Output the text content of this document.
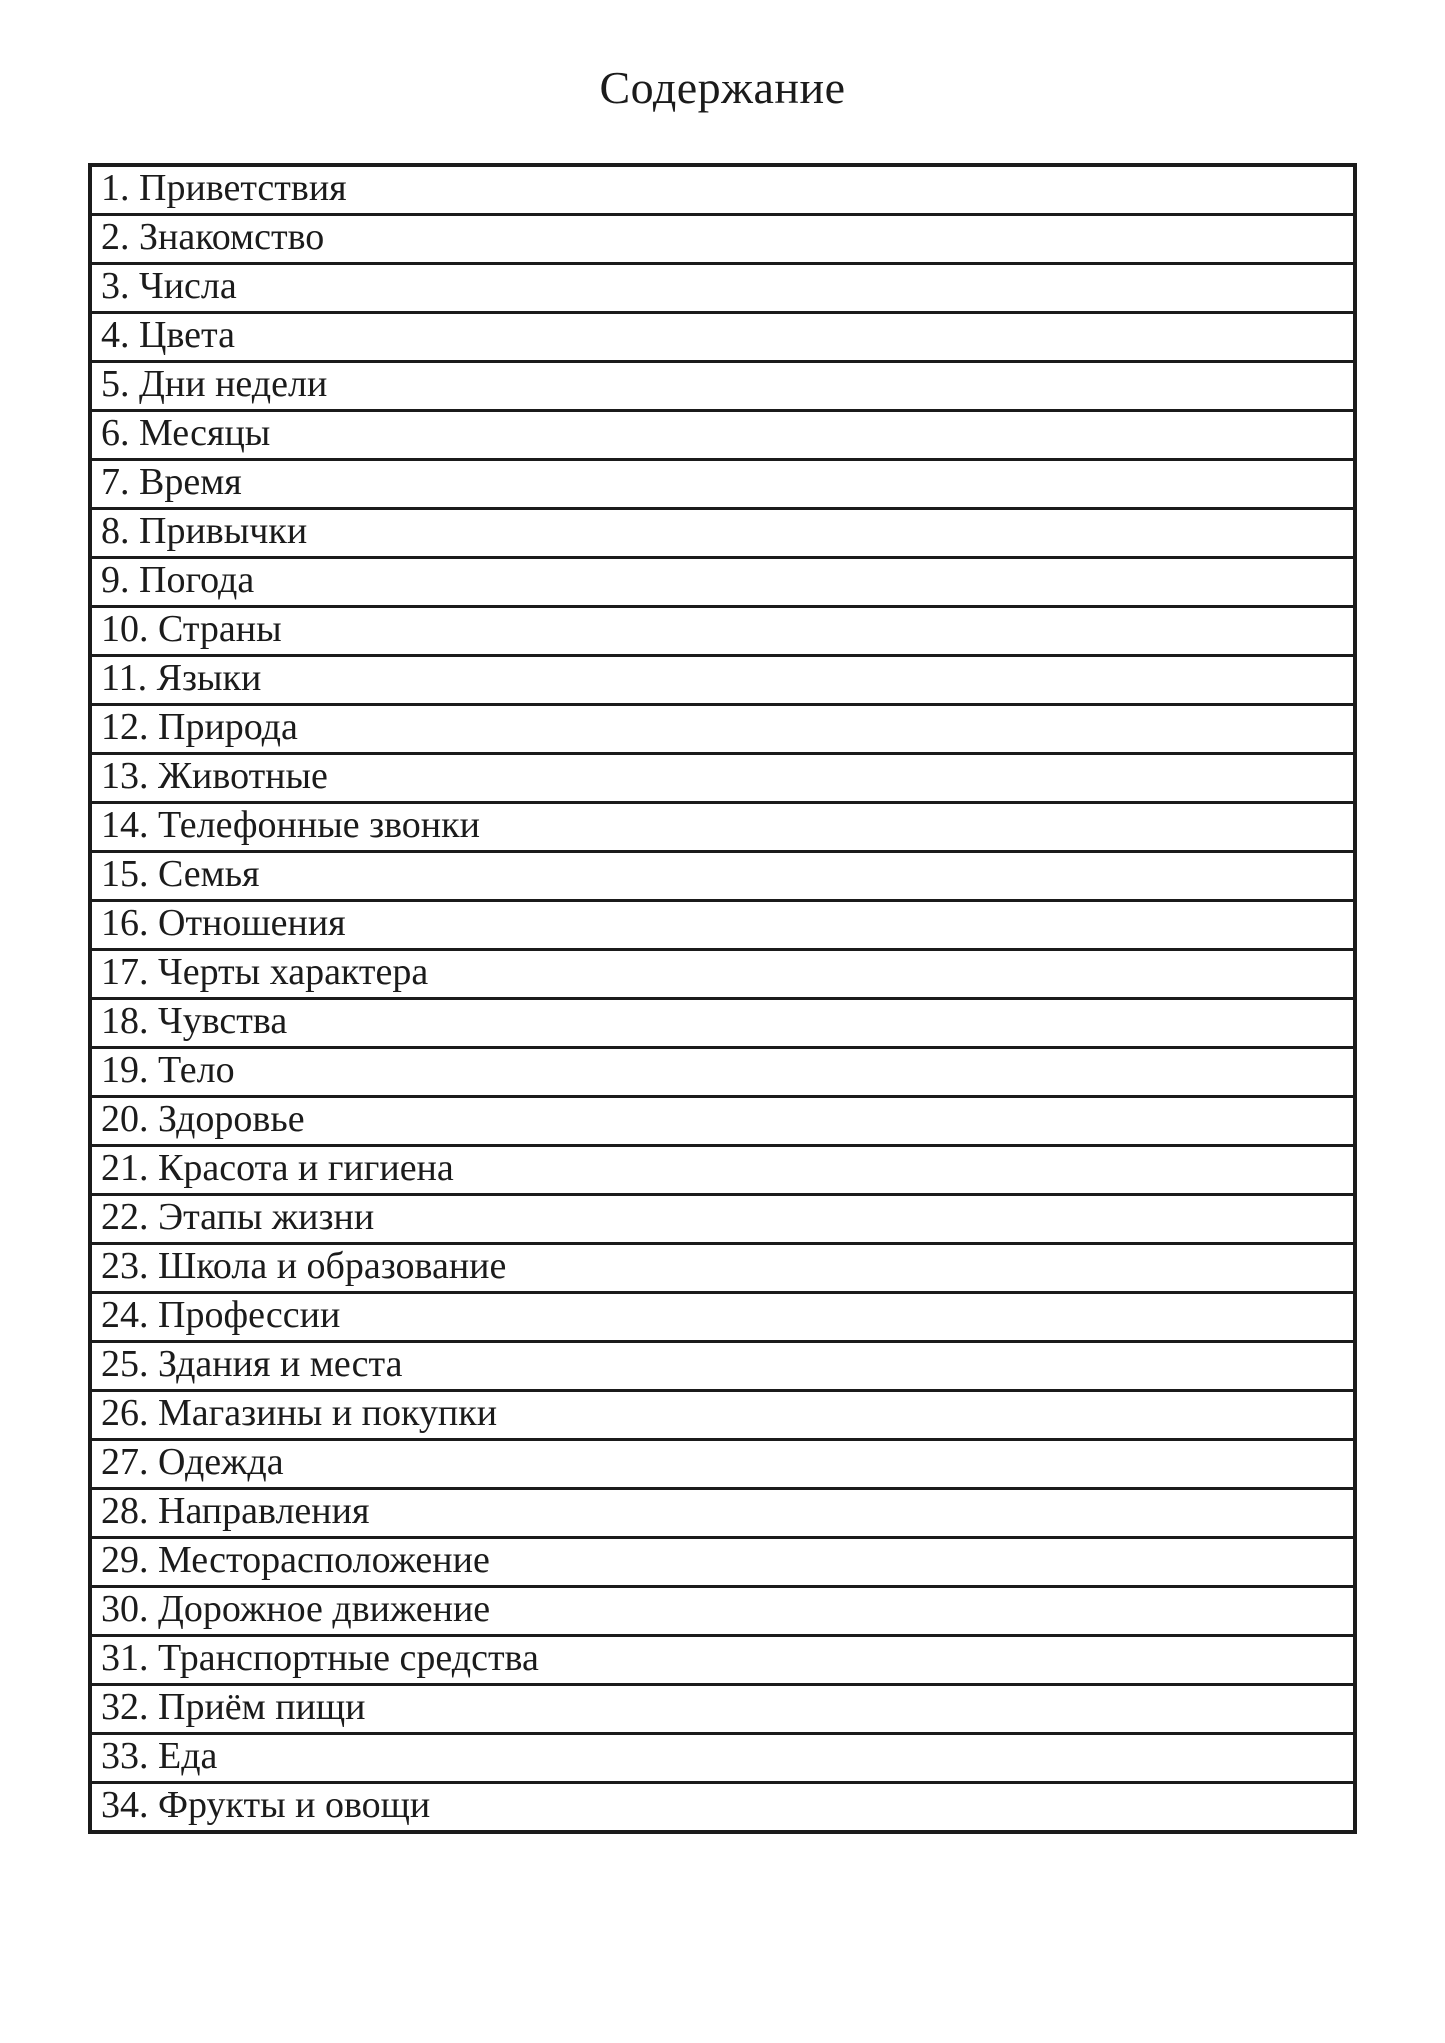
Содержание
1. Приветствия
2. Знакомство
3. Числа
4. Цвета
5. Дни недели
6. Месяцы
7. Время
8. Привычки
9. Погода
10. Страны
11. Языки
12. Природа
13. Животные
14. Телефонные звонки
15. Семья
16. Отношения
17. Черты характера
18. Чувства
19. Тело
20. Здоровье
21. Красота и гигиена
22. Этапы жизни
23. Школа и образование
24. Профессии
25. Здания и места
26. Магазины и покупки
27. Одежда
28. Направления
29. Месторасположение
30. Дорожное движение
31. Транспортные средства
32. Приём пищи
33. Еда
34. Фрукты и овощи
